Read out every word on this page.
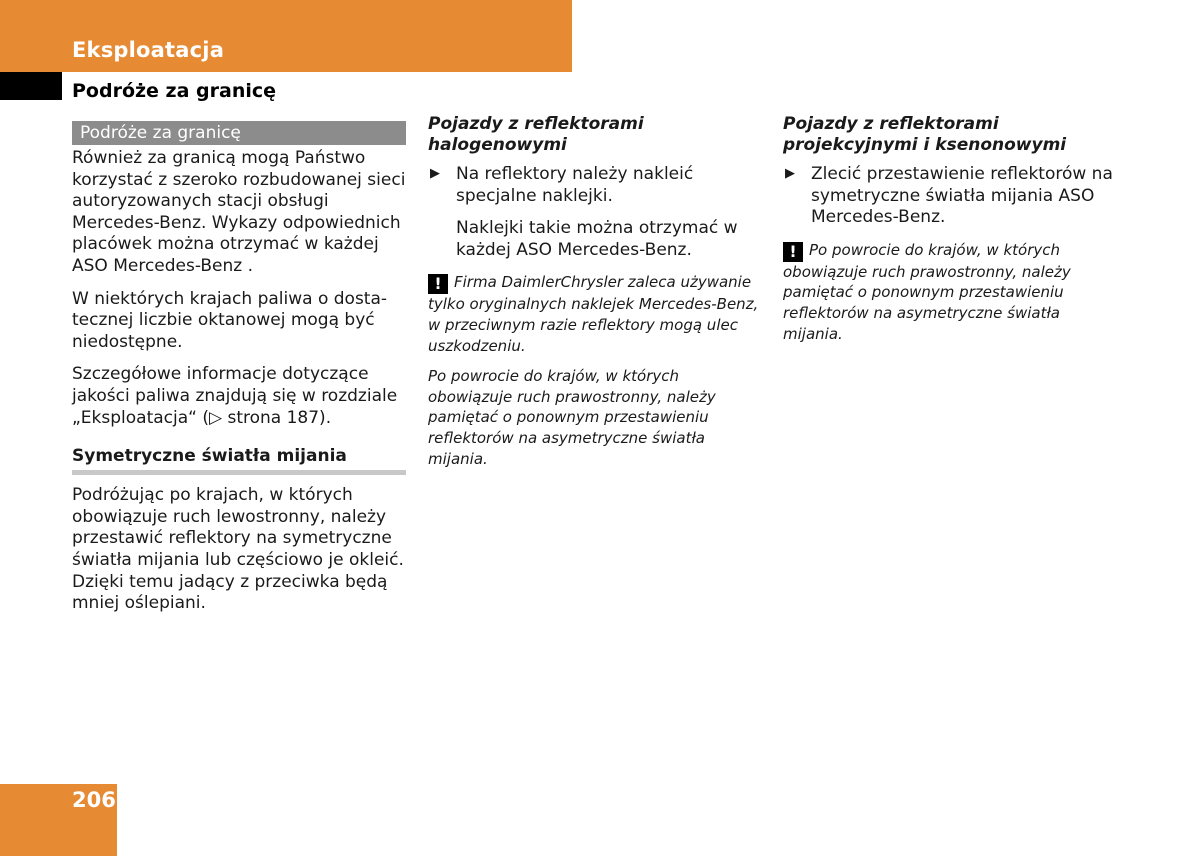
Eksploatacja
Podróże za granicę
Podróże za granicę

Również za granicą mogą Państwo korzystać z szeroko rozbudowanej sieci autoryzowanych stacji obsługi Mercedes-Benz. Wykazy odpowiednich placówek można otrzymać w każdej ASO Mercedes-Benz .

W niektórych krajach paliwa o dosta-tecznej liczbie oktanowej mogą być niedostępne.

Szczegółowe informacje dotyczące jakości paliwa znajdują się w rozdziale „Eksploatacja“ (▷ strona 187).

Symetryczne światła mijania

Podróżując po krajach, w których obowiązuje ruch lewostronny, należy przestawić reflektory na symetryczne światła mijania lub częściowo je okleić. Dzięki temu jadący z przeciwka będą mniej oślepiani.

Pojazdy z reflektorami halogenowymi
▶ Na reflektory należy nakleić specjalne naklejki.

Naklejki takie można otrzymać w każdej ASO Mercedes-Benz.

! Firma DaimlerChrysler zaleca używanie tylko oryginalnych naklejek Mercedes-Benz, w przeciwnym razie reflektory mogą ulec uszkodzeniu.

Po powrocie do krajów, w których obowiązuje ruch prawostronny, należy pamiętać o ponownym przestawieniu reflektorów na asymetryczne światła mijania.

Pojazdy z reflektorami projekcyjnymi i ksenonowymi
▶ Zlecić przestawienie reflektorów na symetryczne światła mijania ASO Mercedes-Benz.

! Po powrocie do krajów, w których obowiązuje ruch prawostronny, należy pamiętać o ponownym przestawieniu reflektorów na asymetryczne światła mijania.

206
